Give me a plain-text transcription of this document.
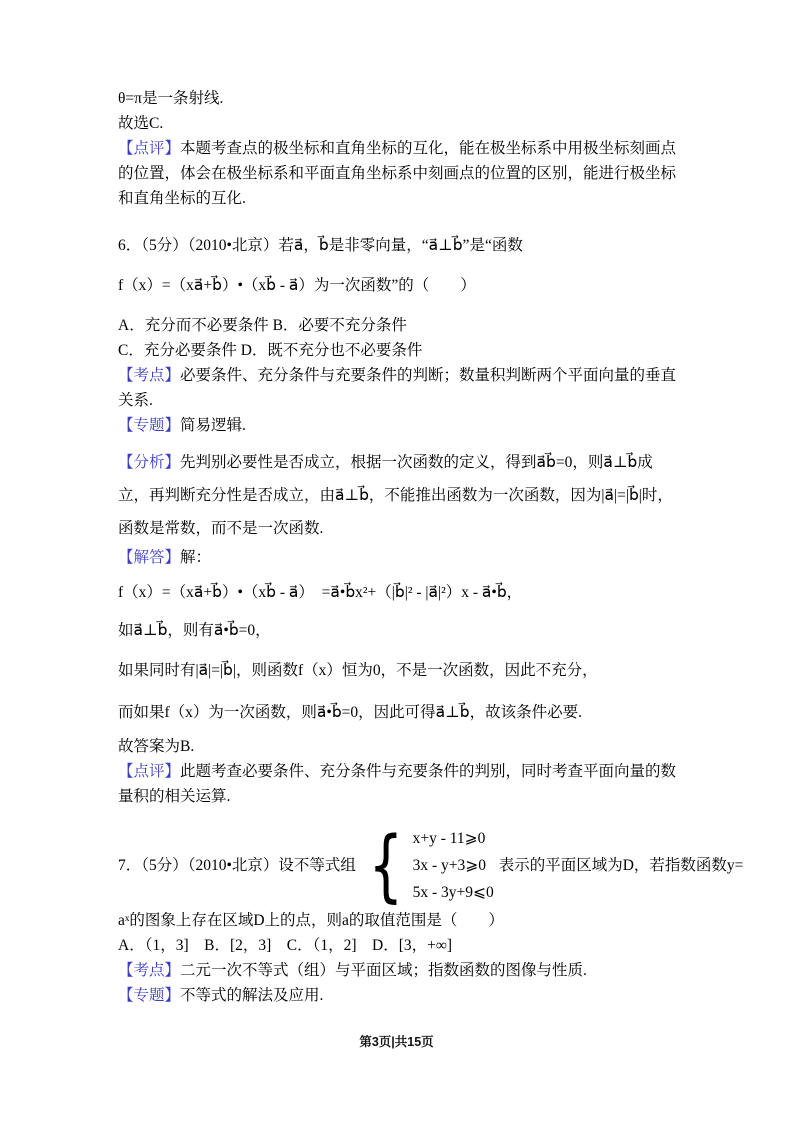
θ=π是一条射线.

故选C.

【点评】本题考查点的极坐标和直角坐标的互化，能在极坐标系中用极坐标刻画点的位置，体会在极坐标系和平面直角坐标系中刻画点的位置的区别，能进行极坐标和直角坐标的互化.

6．（5分）（2010•北京）若a⃗，b⃗是非零向量，“a⃗⊥b⃗”是“函数

f（x）=（xa⃗+b⃗）•（xb⃗ - a⃗）为一次函数”的（　　）

A．充分而不必要条件 B．必要不充分条件

C．充分必要条件 D．既不充分也不必要条件

【考点】必要条件、充分条件与充要条件的判断；数量积判断两个平面向量的垂直关系.

【专题】简易逻辑.

【分析】先判别必要性是否成立，根据一次函数的定义，得到a⃗b⃗=0，则a⃗⊥b⃗成立，再判断充分性是否成立，由a⃗⊥b⃗，不能推出函数为一次函数，因为|a⃗|=|b⃗|时，函数是常数，而不是一次函数.

【解答】解：

f（x）=（xa⃗+b⃗）•（xb⃗ - a⃗）　=a⃗•b⃗x²+（|b⃗|² - |a⃗|²）x - a⃗•b⃗，

如a⃗⊥b⃗，则有a⃗•b⃗=0，

如果同时有|a⃗|=|b⃗|，则函数f（x）恒为0，不是一次函数，因此不充分，

而如果f（x）为一次函数，则a⃗•b⃗=0，因此可得a⃗⊥b⃗，故该条件必要.

故答案为B.

【点评】此题考查必要条件、充分条件与充要条件的判别，同时考查平面向量的数量积的相关运算.

7．（5分）（2010•北京）设不等式组 { x+y - 11⩾0
3x - y+3⩾0
5x - 3y+9⩽0
表示的平面区域为D，若指数函数y=

aˣ的图象上存在区域D上的点，则a的取值范围是（　　）

A．（1，3]　B．[2，3]　C．（1，2]　D．[3，+∞]

【考点】二元一次不等式（组）与平面区域；指数函数的图像与性质.

【专题】不等式的解法及应用.

第3页|共15页
